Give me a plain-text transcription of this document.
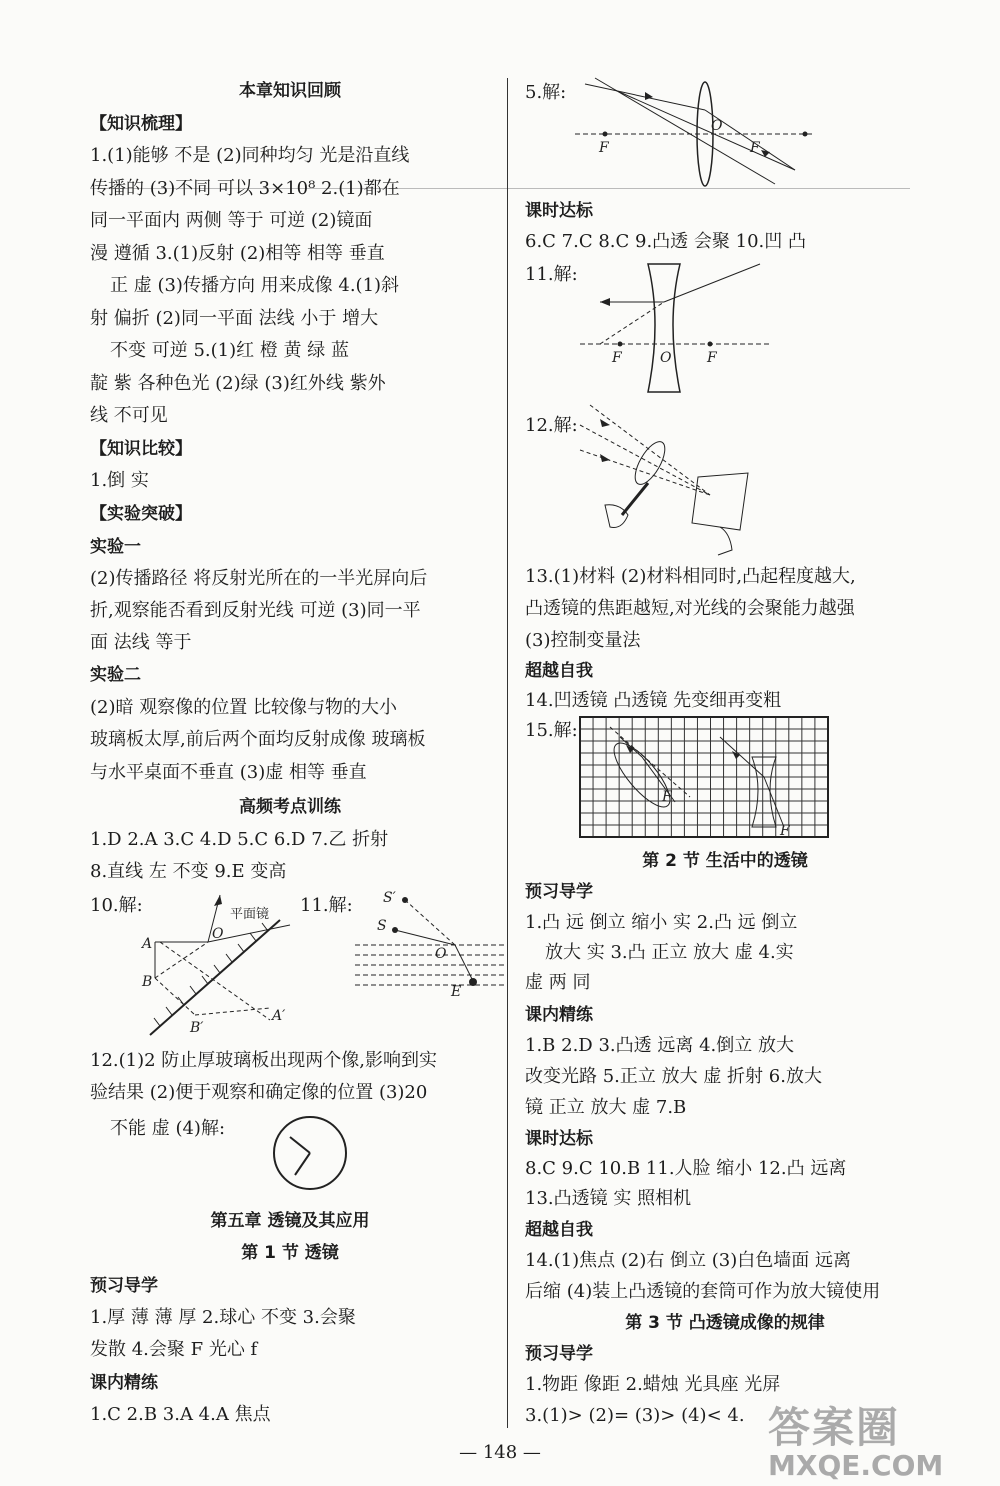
本章知识回顾
【知识梳理】
1.(1)能够 不是 (2)同种均匀 光是沿直线
传播的 (3)不同 可以 3×10⁸ 2.(1)都在
同一平面内 两侧 等于 可逆 (2)镜面
漫 遵循 3.(1)反射 (2)相等 相等 垂直
正 虚 (3)传播方向 用来成像 4.(1)斜
射 偏折 (2)同一平面 法线 小于 增大
不变 可逆 5.(1)红 橙 黄 绿 蓝
靛 紫 各种色光 (2)绿 (3)红外线 紫外
线 不可见
【知识比较】
1.倒 实
【实验突破】
实验一
(2)传播路径 将反射光所在的一半光屏向后
折,观察能否看到反射光线 可逆 (3)同一平
面 法线 等于
实验二
(2)暗 观察像的位置 比较像与物的大小
玻璃板太厚,前后两个面均反射成像 玻璃板
与水平桌面不垂直 (3)虚 相等 垂直
高频考点训练
1.D 2.A 3.C 4.D 5.C 6.D 7.乙 折射
8.直线 左 不变 9.E 变高
10.解:	11.解:
A
B
O
平面镜
A′
B′
S′
S
O
E
12.(1)2 防止厚玻璃板出现两个像,影响到实
验结果 (2)便于观察和确定像的位置 (3)20
不能 虚 (4)解:
第五章 透镜及其应用
第 1 节 透镜
预习导学
1.厚 薄 薄 厚 2.球心 不变 3.会聚
发散 4.会聚 F 光心 f
课内精练
1.C 2.B 3.A 4.A 焦点
5.解:
O
F	F
课时达标
6.C 7.C 8.C 9.凸透 会聚 10.凹 凸
11.解:
F	O	F
12.解:
13.(1)材料 (2)材料相同时,凸起程度越大,
凸透镜的焦距越短,对光线的会聚能力越强
(3)控制变量法
超越自我
14.凹透镜 凸透镜 先变细再变粗
15.解:
F
F
第 2 节 生活中的透镜
预习导学
1.凸 远 倒立 缩小 实 2.凸 远 倒立
放大 实 3.凸 正立 放大 虚 4.实
虚 两 同
课内精练
1.B 2.D 3.凸透 远离 4.倒立 放大
改变光路 5.正立 放大 虚 折射 6.放大
镜 正立 放大 虚 7.B
课时达标
8.C 9.C 10.B 11.人脸 缩小 12.凸 远离
13.凸透镜 实 照相机
超越自我
14.(1)焦点 (2)右 倒立 (3)白色墙面 远离
后缩 (4)装上凸透镜的套筒可作为放大镜使用
第 3 节 凸透镜成像的规律
预习导学
1.物距 像距 2.蜡烛 光具座 光屏
3.(1)> (2)= (3)> (4)< 4.
— 148 —
答案圈
MXQE.COM
